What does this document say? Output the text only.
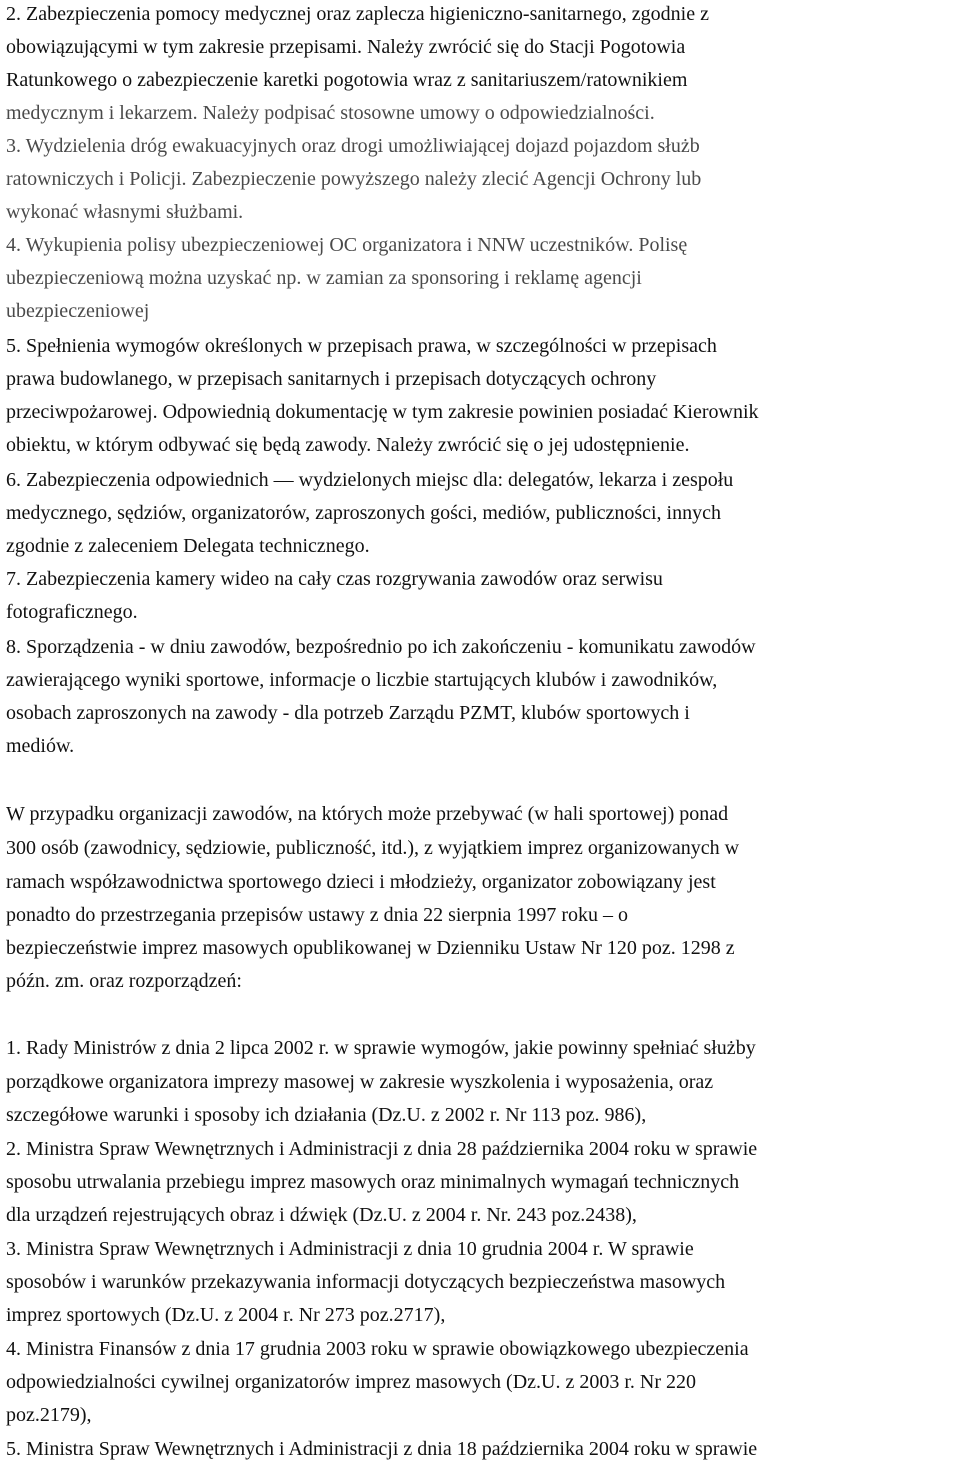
2. Zabezpieczenia pomocy medycznej oraz zaplecza higieniczno-sanitarnego, zgodnie z
obowiązującymi w tym zakresie przepisami. Należy zwrócić się do Stacji Pogotowia
Ratunkowego o zabezpieczenie karetki pogotowia wraz z sanitariuszem/ratownikiem
medycznym i lekarzem. Należy podpisać stosowne umowy o odpowiedzialności.
3. Wydzielenia dróg ewakuacyjnych oraz drogi umożliwiającej dojazd pojazdom służb
ratowniczych i Policji. Zabezpieczenie powyższego należy zlecić Agencji Ochrony lub
wykonać własnymi służbami.
4. Wykupienia polisy ubezpieczeniowej OC organizatora i NNW uczestników. Polisę
ubezpieczeniową można uzyskać np. w zamian za sponsoring i reklamę agencji
ubezpieczeniowej
5. Spełnienia wymogów określonych w przepisach prawa, w szczególności w przepisach
prawa budowlanego, w przepisach sanitarnych i przepisach dotyczących ochrony
przeciwpożarowej. Odpowiednią dokumentację w tym zakresie powinien posiadać Kierownik
obiektu, w którym odbywać się będą zawody. Należy zwrócić się o jej udostępnienie.
6. Zabezpieczenia odpowiednich — wydzielonych miejsc dla: delegatów, lekarza i zespołu
medycznego, sędziów, organizatorów, zaproszonych gości, mediów, publiczności, innych
zgodnie z zaleceniem Delegata technicznego.
7. Zabezpieczenia kamery wideo na cały czas rozgrywania zawodów oraz serwisu
fotograficznego.
8. Sporządzenia - w dniu zawodów, bezpośrednio po ich zakończeniu - komunikatu zawodów
zawierającego wyniki sportowe, informacje o liczbie startujących klubów i zawodników,
osobach zaproszonych na zawody - dla potrzeb Zarządu PZMT, klubów sportowych i
mediów.
W przypadku organizacji zawodów, na których może przebywać (w hali sportowej) ponad
300 osób (zawodnicy, sędziowie, publiczność, itd.), z wyjątkiem imprez organizowanych w
ramach współzawodnictwa sportowego dzieci i młodzieży, organizator zobowiązany jest
ponadto do przestrzegania przepisów ustawy z dnia 22 sierpnia 1997 roku – o
bezpieczeństwie imprez masowych opublikowanej w Dzienniku Ustaw Nr 120 poz. 1298 z
późn. zm. oraz rozporządzeń:
1. Rady Ministrów z dnia 2 lipca 2002 r. w sprawie wymogów, jakie powinny spełniać służby
porządkowe organizatora imprezy masowej w zakresie wyszkolenia i wyposażenia, oraz
szczegółowe warunki i sposoby ich działania (Dz.U. z 2002 r. Nr 113 poz. 986),
2. Ministra Spraw Wewnętrznych i Administracji z dnia 28 października 2004 roku w sprawie
sposobu utrwalania przebiegu imprez masowych oraz minimalnych wymagań technicznych
dla urządzeń rejestrujących obraz i dźwięk (Dz.U. z 2004 r. Nr. 243 poz.2438),
3. Ministra Spraw Wewnętrznych i Administracji z dnia 10 grudnia 2004 r. W sprawie
sposobów i warunków przekazywania informacji dotyczących bezpieczeństwa masowych
imprez sportowych (Dz.U. z 2004 r. Nr 273 poz.2717),
4. Ministra Finansów z dnia 17 grudnia 2003 roku w sprawie obowiązkowego ubezpieczenia
odpowiedzialności cywilnej organizatorów imprez masowych (Dz.U. z 2003 r. Nr 220
poz.2179),
5. Ministra Spraw Wewnętrznych i Administracji z dnia 18 października 2004 roku w sprawie
